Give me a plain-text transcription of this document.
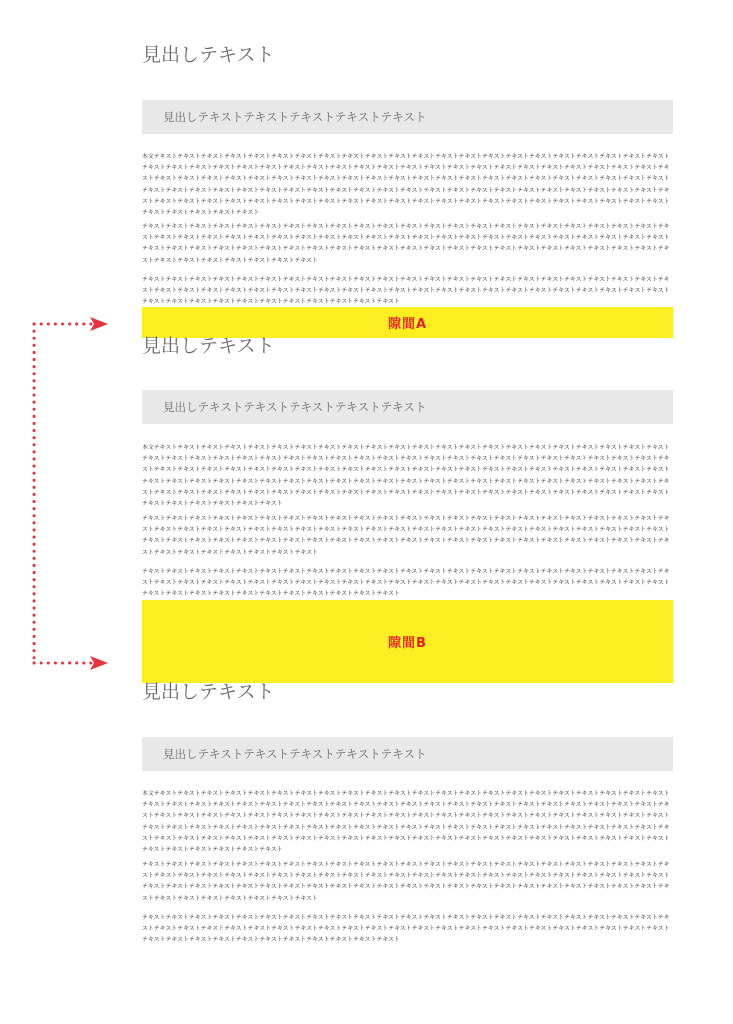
見出しテキスト
見出しテキストテキストテキストテキストテキスト
本文テキストテキストテキストテキストテキストテキストテキストテキストテキストテキストテキストテキストテキストテキストテキストテキストテキストテキストテキストテキストテキストテキストテキストテキストテキストテキストテキストテキストテキストテキストテキストテキストテキストテキストテキストテキストテキストテキストテキストテキストテキストテキストテキストテキストテキストテキストテキストテキストテキストテキストテキストテキストテキストテキストテキストテキストテキストテキストテキストテキストテキストテキストテキストテキストテキストテキストテキストテキストテキストテキストテキストテキストテキストテキストテキストテキストテキストテキストテキストテキストテキストテキストテキストテキストテキストテキストテキストテキストテキストテキストテキストテキストテキストテキストテキストテキストテキストテキストテキストテキストテキストテキストテキストテキストテキストテキストテキストテキストテキストテキストテキストテキストテキストテキストテキストテキストテキスト
テキストテキストテキストテキストテキストテキストテキストテキストテキストテキストテキストテキストテキストテキストテキストテキストテキストテキストテキストテキストテキストテキストテキストテキストテキストテキストテキストテキストテキストテキストテキストテキストテキストテキストテキストテキストテキストテキストテキストテキストテキストテキストテキストテキストテキストテキストテキストテキストテキストテキストテキストテキストテキストテキストテキストテキストテキストテキストテキストテキストテキストテキストテキストテキストテキストテキストテキストテキストテキストテキストテキストテキストテキストテキストテキスト
テキストテキストテキストテキストテキストテキストテキストテキストテキストテキストテキストテキストテキストテキストテキストテキストテキストテキストテキストテキストテキストテキストテキストテキストテキストテキストテキストテキストテキストテキストテキストテキストテキストテキストテキストテキストテキストテキストテキストテキストテキストテキストテキストテキストテキストテキストテキストテキストテキストテキストテキストテキストテキストテキストテキストテキスト
隙間A
見出しテキスト
見出しテキストテキストテキストテキストテキスト
本文テキストテキストテキストテキストテキストテキストテキストテキストテキストテキストテキストテキストテキストテキストテキストテキストテキストテキストテキストテキストテキストテキストテキストテキストテキストテキストテキストテキストテキストテキストテキストテキストテキストテキストテキストテキストテキストテキストテキストテキストテキストテキストテキストテキストテキストテキストテキストテキストテキストテキストテキストテキストテキストテキストテキストテキストテキストテキストテキストテキストテキストテキストテキストテキストテキストテキストテキストテキストテキストテキストテキストテキストテキストテキストテキストテキストテキストテキストテキストテキストテキストテキストテキストテキストテキストテキストテキストテキストテキストテキストテキストテキストテキストテキストテキストテキストテキストテキストテキストテキストテキストテキストテキストテキストテキストテキストテキストテキストテキストテキストテキストテキストテキストテキストテキストテキストテキストテキスト
テキストテキストテキストテキストテキストテキストテキストテキストテキストテキストテキストテキストテキストテキストテキストテキストテキストテキストテキストテキストテキストテキストテキストテキストテキストテキストテキストテキストテキストテキストテキストテキストテキストテキストテキストテキストテキストテキストテキストテキストテキストテキストテキストテキストテキストテキストテキストテキストテキストテキストテキストテキストテキストテキストテキストテキストテキストテキストテキストテキストテキストテキストテキストテキストテキストテキストテキストテキストテキストテキストテキストテキストテキストテキストテキスト
テキストテキストテキストテキストテキストテキストテキストテキストテキストテキストテキストテキストテキストテキストテキストテキストテキストテキストテキストテキストテキストテキストテキストテキストテキストテキストテキストテキストテキストテキストテキストテキストテキストテキストテキストテキストテキストテキストテキストテキストテキストテキストテキストテキストテキストテキストテキストテキストテキストテキストテキストテキストテキストテキストテキストテキスト
隙間B
見出しテキスト
見出しテキストテキストテキストテキストテキスト
本文テキストテキストテキストテキストテキストテキストテキストテキストテキストテキストテキストテキストテキストテキストテキストテキストテキストテキストテキストテキストテキストテキストテキストテキストテキストテキストテキストテキストテキストテキストテキストテキストテキストテキストテキストテキストテキストテキストテキストテキストテキストテキストテキストテキストテキストテキストテキストテキストテキストテキストテキストテキストテキストテキストテキストテキストテキストテキストテキストテキストテキストテキストテキストテキストテキストテキストテキストテキストテキストテキストテキストテキストテキストテキストテキストテキストテキストテキストテキストテキストテキストテキストテキストテキストテキストテキストテキストテキストテキストテキストテキストテキストテキストテキストテキストテキストテキストテキストテキストテキストテキストテキストテキストテキストテキストテキストテキストテキストテキストテキストテキストテキストテキストテキストテキストテキストテキストテキスト
テキストテキストテキストテキストテキストテキストテキストテキストテキストテキストテキストテキストテキストテキストテキストテキストテキストテキストテキストテキストテキストテキストテキストテキストテキストテキストテキストテキストテキストテキストテキストテキストテキストテキストテキストテキストテキストテキストテキストテキストテキストテキストテキストテキストテキストテキストテキストテキストテキストテキストテキストテキストテキストテキストテキストテキストテキストテキストテキストテキストテキストテキストテキストテキストテキストテキストテキストテキストテキストテキストテキストテキストテキストテキストテキスト
テキストテキストテキストテキストテキストテキストテキストテキストテキストテキストテキストテキストテキストテキストテキストテキストテキストテキストテキストテキストテキストテキストテキストテキストテキストテキストテキストテキストテキストテキストテキストテキストテキストテキストテキストテキストテキストテキストテキストテキストテキストテキストテキストテキストテキストテキストテキストテキストテキストテキストテキストテキストテキストテキストテキストテキスト
